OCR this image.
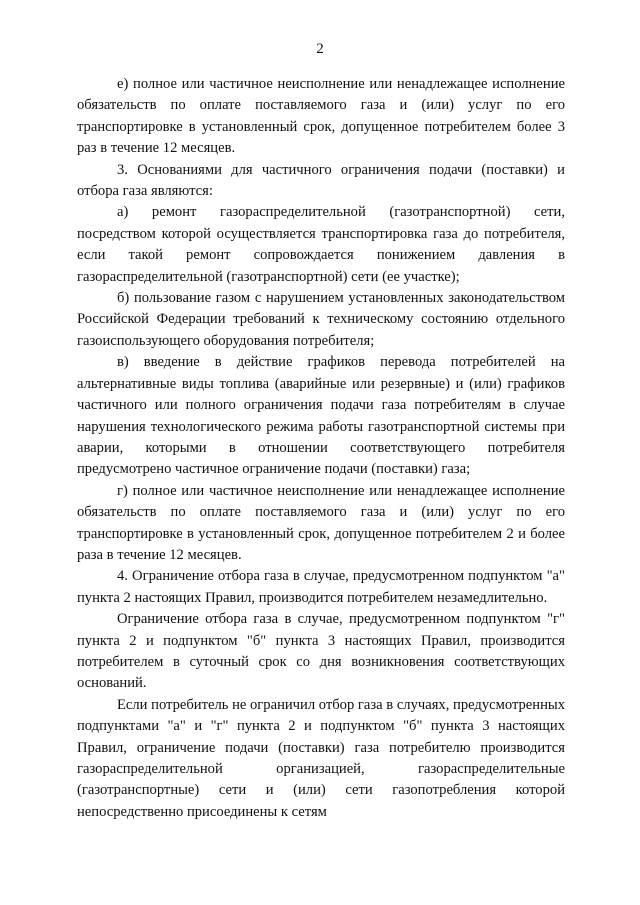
2

е) полное или частичное неисполнение или ненадлежащее исполнение обязательств по оплате поставляемого газа и (или) услуг по его транспортировке в установленный срок, допущенное потребителем более 3 раз в течение 12 месяцев.

3. Основаниями для частичного ограничения подачи (поставки) и отбора газа являются:

а) ремонт газораспределительной (газотранспортной) сети, посредством которой осуществляется транспортировка газа до потребителя, если такой ремонт сопровождается понижением давления в газораспределительной (газотранспортной) сети (ее участке);

б) пользование газом с нарушением установленных законодательством Российской Федерации требований к техническому состоянию отдельного газоиспользующего оборудования потребителя;

в) введение в действие графиков перевода потребителей на альтернативные виды топлива (аварийные или резервные) и (или) графиков частичного или полного ограничения подачи газа потребителям в случае нарушения технологического режима работы газотранспортной системы при аварии, которыми в отношении соответствующего потребителя предусмотрено частичное ограничение подачи (поставки) газа;

г) полное или частичное неисполнение или ненадлежащее исполнение обязательств по оплате поставляемого газа и (или) услуг по его транспортировке в установленный срок, допущенное потребителем 2 и более раза в течение 12 месяцев.

4. Ограничение отбора газа в случае, предусмотренном подпунктом "а" пункта 2 настоящих Правил, производится потребителем незамедлительно.

Ограничение отбора газа в случае, предусмотренном подпунктом "г" пункта 2 и подпунктом "б" пункта 3 настоящих Правил, производится потребителем в суточный срок со дня возникновения соответствующих оснований.

Если потребитель не ограничил отбор газа в случаях, предусмотренных подпунктами "а" и "г" пункта 2 и подпунктом "б" пункта 3 настоящих Правил, ограничение подачи (поставки) газа потребителю производится газораспределительной организацией, газораспределительные (газотранспортные) сети и (или) сети газопотребления которой непосредственно присоединены к сетям
